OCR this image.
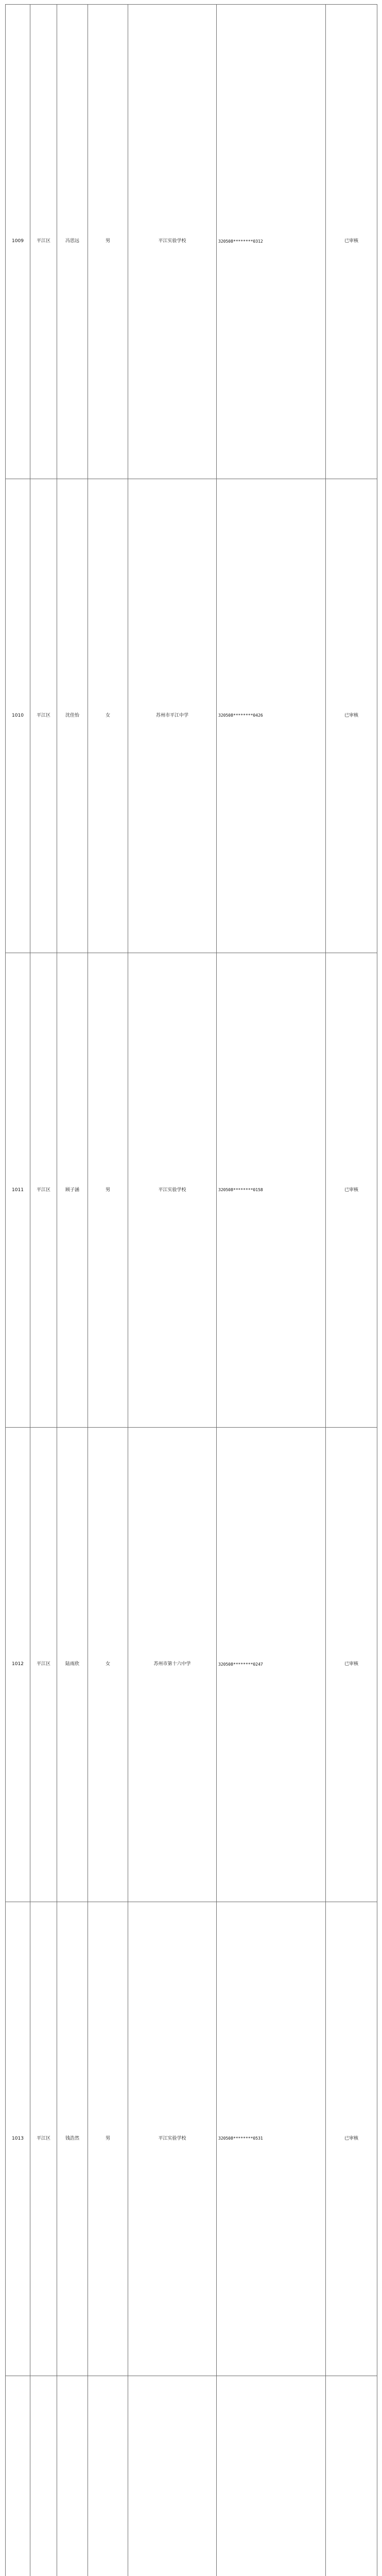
1009	平江区	冯思远	男	平江实验学校	320508********0312	已审核
1010	平江区	沈佳怡	女	苏州市平江中学	320508********0426	已审核
1011	平江区	顾子涵	男	平江实验学校	320508********0158	已审核
1012	平江区	陆雨欣	女	苏州市第十六中学	320508********0247	已审核
1013	平江区	钱浩然	男	平江实验学校	320508********0531	已审核
